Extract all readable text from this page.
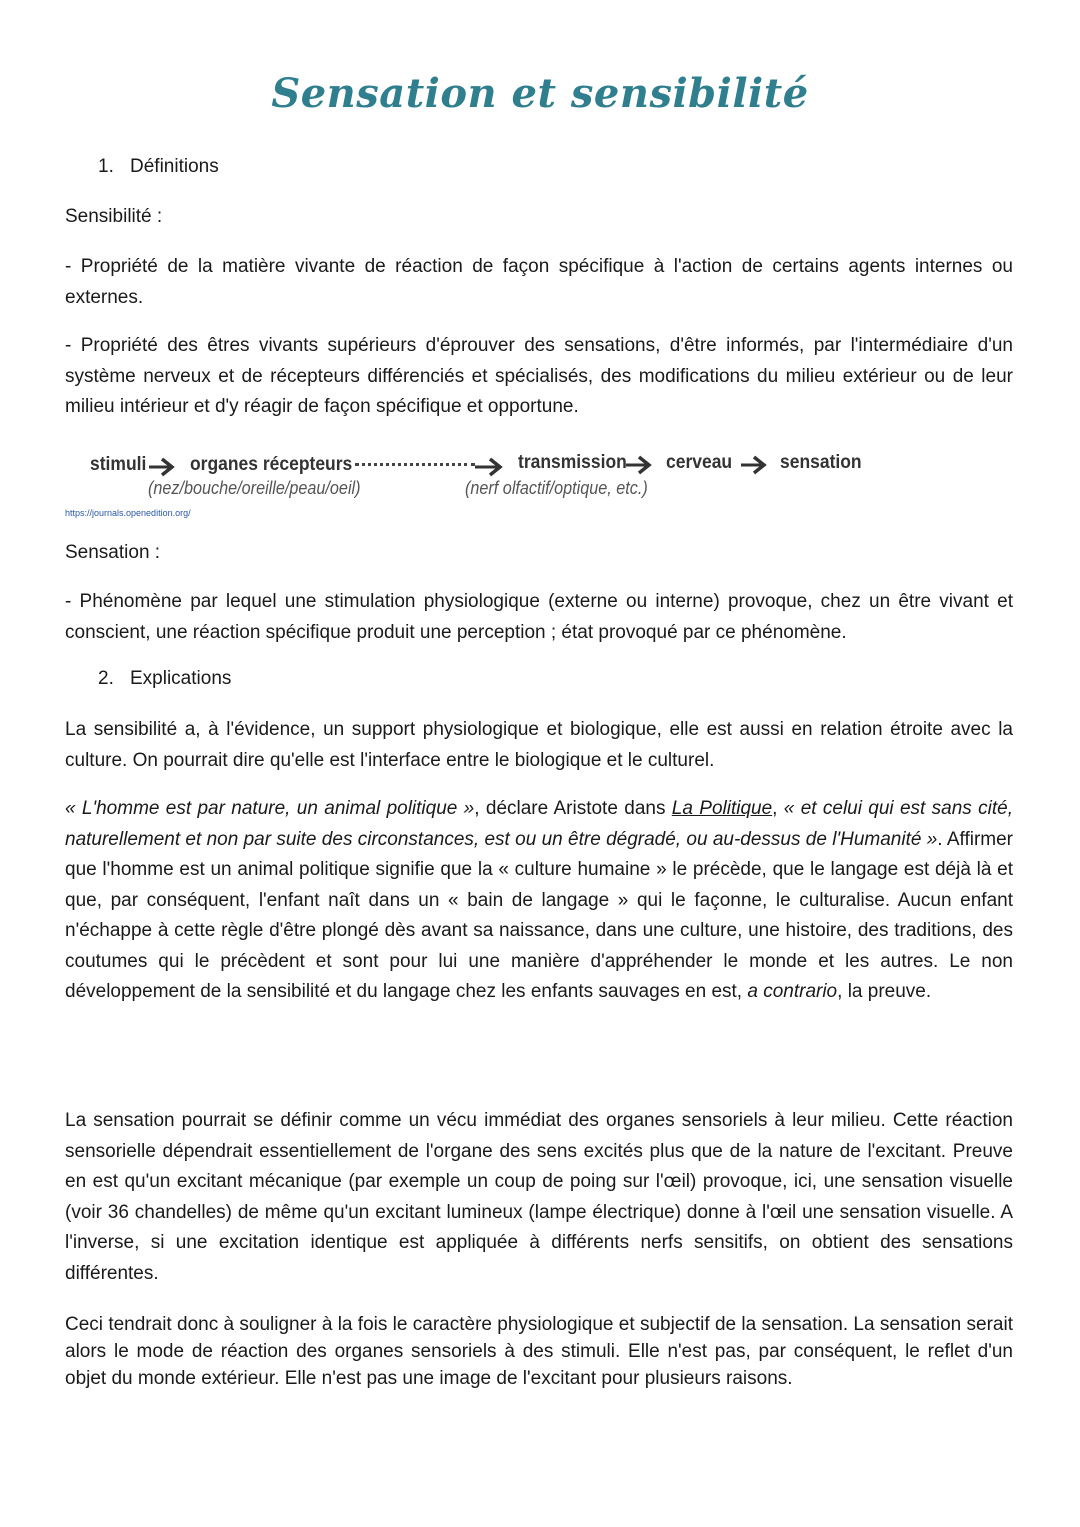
Sensation et sensibilité
1. Définitions
Sensibilité :
- Propriété de la matière vivante de réaction de façon spécifique à l'action de certains agents internes ou externes.
- Propriété des êtres vivants supérieurs d'éprouver des sensations, d'être informés, par l'intermédiaire d'un système nerveux et de récepteurs différenciés et spécialisés, des modifications du milieu extérieur ou de leur milieu intérieur et d'y réagir de façon spécifique et opportune.
stimuli organes récepteurs
(nez/bouche/oreille/peau/oeil)
transmission
(nerf olfactif/optique, etc.)
cerveau	sensation
https://journals.openedition.org/
Sensation :
- Phénomène par lequel une stimulation physiologique (externe ou interne) provoque, chez un être vivant et conscient, une réaction spécifique produit une perception ; état provoqué par ce phénomène.
2. Explications
La sensibilité a, à l'évidence, un support physiologique et biologique, elle est aussi en relation étroite avec la culture. On pourrait dire qu'elle est l'interface entre le biologique et le culturel.
« L'homme est par nature, un animal politique », déclare Aristote dans La Politique, « et celui qui est sans cité, naturellement et non par suite des circonstances, est ou un être dégradé, ou au-dessus de l'Humanité ». Affirmer que l'homme est un animal politique signifie que la « culture humaine » le précède, que le langage est déjà là et que, par conséquent, l'enfant naît dans un « bain de langage » qui le façonne, le culturalise. Aucun enfant n'échappe à cette règle d'être plongé dès avant sa naissance, dans une culture, une histoire, des traditions, des coutumes qui le précèdent et sont pour lui une manière d'appréhender le monde et les autres. Le non développement de la sensibilité et du langage chez les enfants sauvages en est, a contrario, la preuve.
La sensation pourrait se définir comme un vécu immédiat des organes sensoriels à leur milieu. Cette réaction sensorielle dépendrait essentiellement de l'organe des sens excités plus que de la nature de l'excitant. Preuve en est qu'un excitant mécanique (par exemple un coup de poing sur l'œil) provoque, ici, une sensation visuelle (voir 36 chandelles) de même qu'un excitant lumineux (lampe électrique) donne à l'œil une sensation visuelle. A l'inverse, si une excitation identique est appliquée à différents nerfs sensitifs, on obtient des sensations différentes.
Ceci tendrait donc à souligner à la fois le caractère physiologique et subjectif de la sensation. La sensation serait alors le mode de réaction des organes sensoriels à des stimuli. Elle n'est pas, par conséquent, le reflet d'un objet du monde extérieur. Elle n'est pas une image de l'excitant pour plusieurs raisons.
